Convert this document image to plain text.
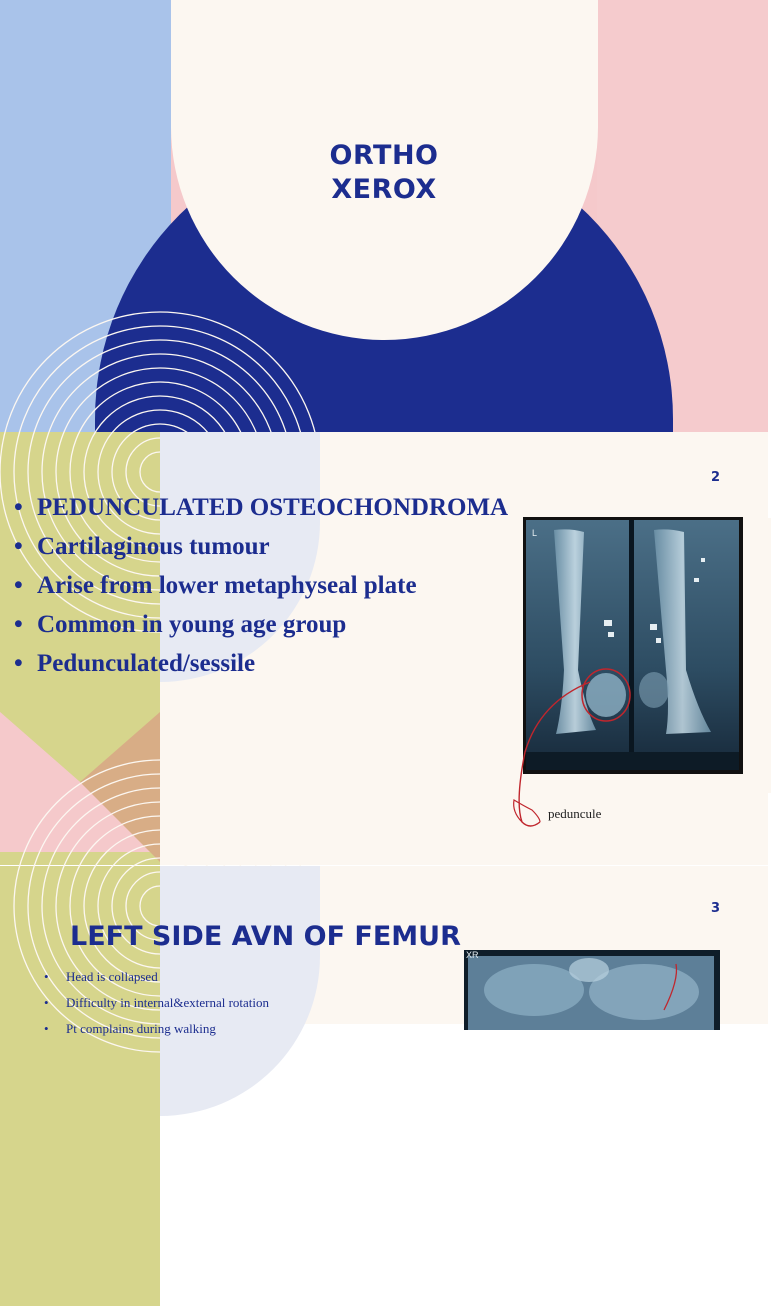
ORTHO
XEROX
2
• PEDUNCULATED OSTEOCHONDROMA
• Cartilaginous tumour
• Arise from lower metaphyseal plate
• Common in young age group
• Pedunculated/sessile
L
peduncule
3
LEFT SIDE AVN OF FEMUR
• Head is collapsed
• Difficulty in internal&external rotation
• Pt complains during walking
XR
